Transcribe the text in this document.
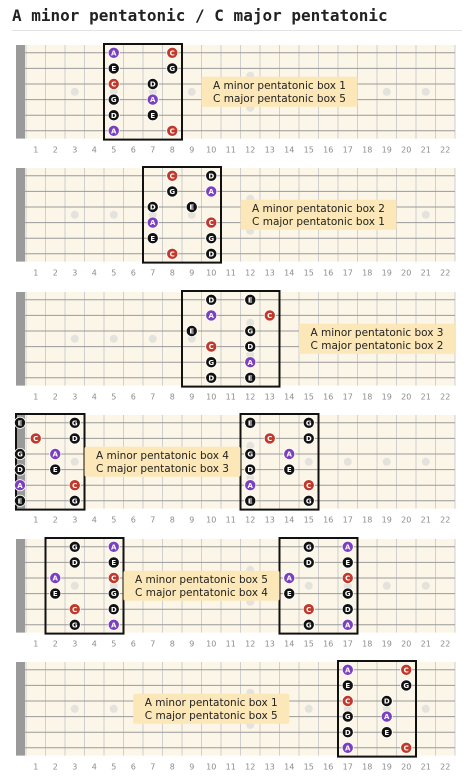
A minor pentatonic / C major pentatonic
1 2 3 4 5 6 7 8 9 10 11 12 13 14 15 16 17 18 19 20 21 22
A minor pentatonic box 1
C major pentatonic box 5
A	C
E	G
C	D
G	A
D	E
A	C
1 2 3 4 5 6 7 8 9 10 11 12 13 14 15 16 17 18 19 20 21 22
A minor pentatonic box 2
C major pentatonic box 1
C	D
G	A
D	E
A	C
E	G
C	D
1 2 3 4 5 6 7 8 9 10 11 12 13 14 15 16 17 18 19 20 21 22
A minor pentatonic box 3
C major pentatonic box 2
D	E
A	C
E	G
C	D
G	A
D	E
1 2 3 4 5 6 7 8 9 10 11 12 13 14 15 16 17 18 19 20 21 22
A minor pentatonic box 4
C major pentatonic box 3
E	G
C	D
G	A
D	E
A	C
E	G
E	G
C	D
G	A
D	E
A	C
E	G
1 2 3 4 5 6 7 8 9 10 11 12 13 14 15 16 17 18 19 20 21 22
A minor pentatonic box 5
C major pentatonic box 4
G	A
D	E
A	C
E	G
C	D
G	A
G	A
D	E
A	C
E	G
C	D
G	A
1 2 3 4 5 6 7 8 9 10 11 12 13 14 15 16 17 18 19 20 21 22
A minor pentatonic box 1
C major pentatonic box 5
A	C
E	G
C	D
G	A
D	E
A	C
